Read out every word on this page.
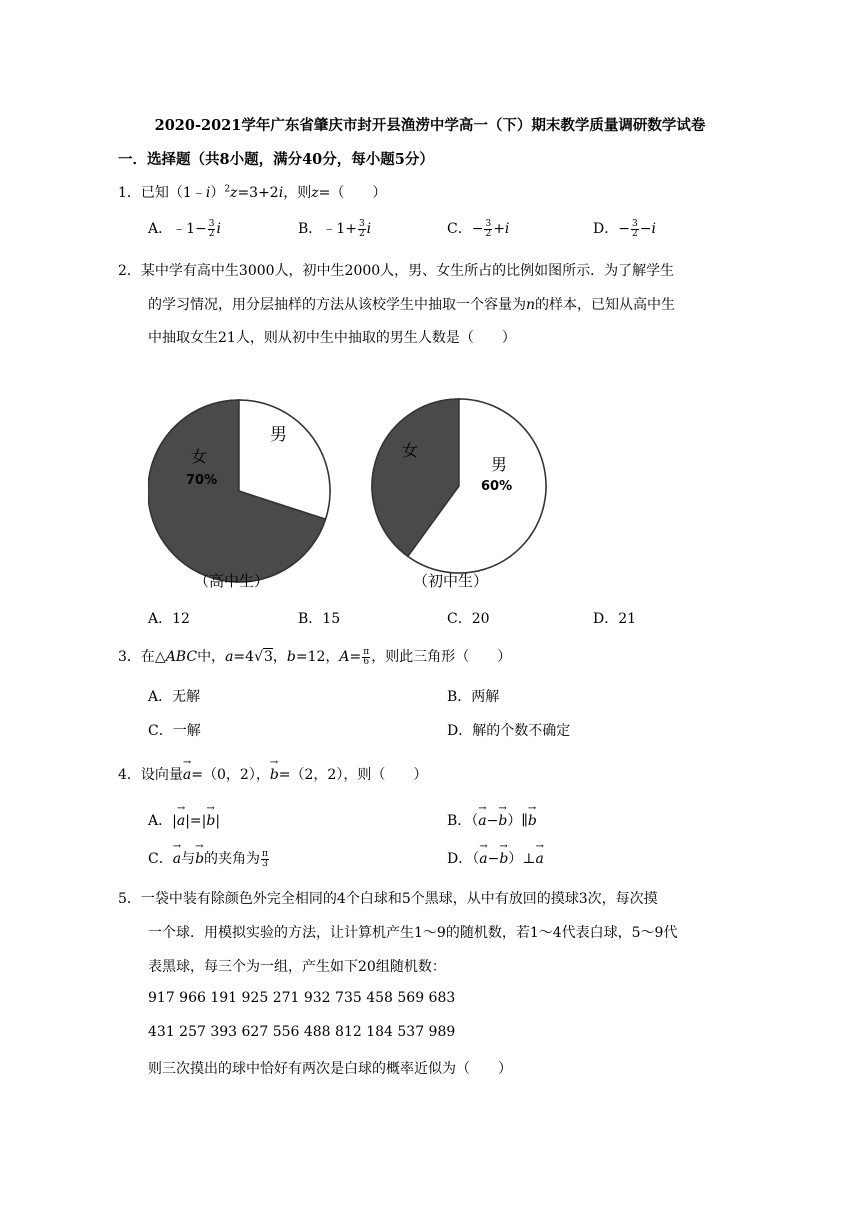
2020-2021学年广东省肇庆市封开县渔涝中学高一（下）期末教学质量调研数学试卷
一．选择题（共8小题，满分40分，每小题5分）
1．已知（1﹣i）$^2$z=3+2i，则z=（　　）
A．﹣1− $\frac{3}{2}$ i	B．﹣1+ $\frac{3}{2}$ i	C．− $\frac{3}{2} +i$	D．− $\frac{3}{2} -i$
2．某中学有高中生3000人，初中生2000人，男、女生所占的比例如图所示．为了解学生
的学习情况，用分层抽样的方法从该校学生中抽取一个容量为n的样本，已知从高中生
中抽取女生21人，则从初中生中抽取的男生人数是（　　）
女
70%
男
女
男
60%
（高中生）	（初中生）
A．12	B．15	C．20	D．21
3．在△ABC中，a=4√3，b=12，$A= \frac{\pi}{6}$ ，则此三角形（　　）
A．无解	B．两解
C．一解	D．解的个数不确定
4．设向量→ a=（0，2），→ b=（2，2），则（　　）
A．|→ a|=|→ b|	B．（→ a−→ b）∥→ b
C．→ a与→ b的夹角为 $\frac{\pi}{3}$	D．（→ a−→ b）⊥→ a
5．一袋中装有除颜色外完全相同的4个白球和5个黑球，从中有放回的摸球3次，每次摸
一个球．用模拟实验的方法，让计算机产生1～9的随机数，若1～4代表白球，5～9代
表黑球，每三个为一组，产生如下20组随机数：
917 966 191 925 271 932 735 458 569 683
431 257 393 627 556 488 812 184 537 989
则三次摸出的球中恰好有两次是白球的概率近似为（　　）
